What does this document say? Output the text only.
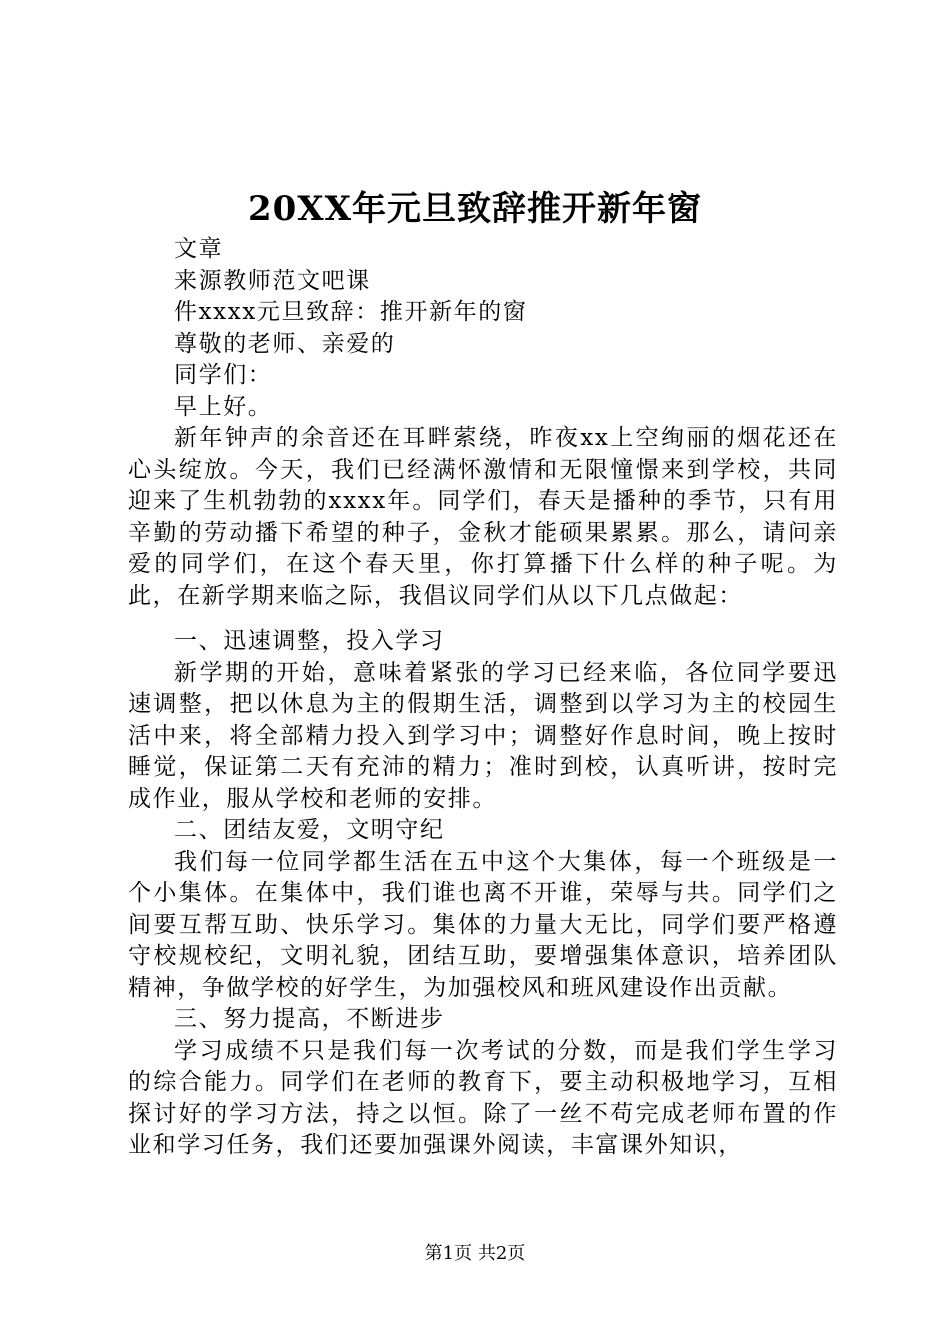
20XX年元旦致辞推开新年窗
文章
来源教师范文吧课
件xxxx元旦致辞：推开新年的窗
尊敬的老师、亲爱的
同学们：
早上好。

新年钟声的余音还在耳畔萦绕，昨夜xx上空绚丽的烟花还在心头绽放。今天，我们已经满怀激情和无限憧憬来到学校，共同迎来了生机勃勃的xxxx年。同学们，春天是播种的季节，只有用辛勤的劳动播下希望的种子，金秋才能硕果累累。那么，请问亲爱的同学们，在这个春天里，你打算播下什么样的种子呢。为此，在新学期来临之际，我倡议同学们从以下几点做起：

一、迅速调整，投入学习

新学期的开始，意味着紧张的学习已经来临，各位同学要迅速调整，把以休息为主的假期生活，调整到以学习为主的校园生活中来，将全部精力投入到学习中；调整好作息时间，晚上按时睡觉，保证第二天有充沛的精力；准时到校，认真听讲，按时完成作业，服从学校和老师的安排。

二、团结友爱，文明守纪

我们每一位同学都生活在五中这个大集体，每一个班级是一个小集体。在集体中，我们谁也离不开谁，荣辱与共。同学们之间要互帮互助、快乐学习。集体的力量大无比，同学们要严格遵守校规校纪，文明礼貌，团结互助，要增强集体意识，培养团队精神，争做学校的好学生，为加强校风和班风建设作出贡献。

三、努力提高，不断进步

学习成绩不只是我们每一次考试的分数，而是我们学生学习的综合能力。同学们在老师的教育下，要主动积极地学习，互相探讨好的学习方法，持之以恒。除了一丝不苟完成老师布置的作业和学习任务，我们还要加强课外阅读，丰富课外知识，

第1页 共2页
